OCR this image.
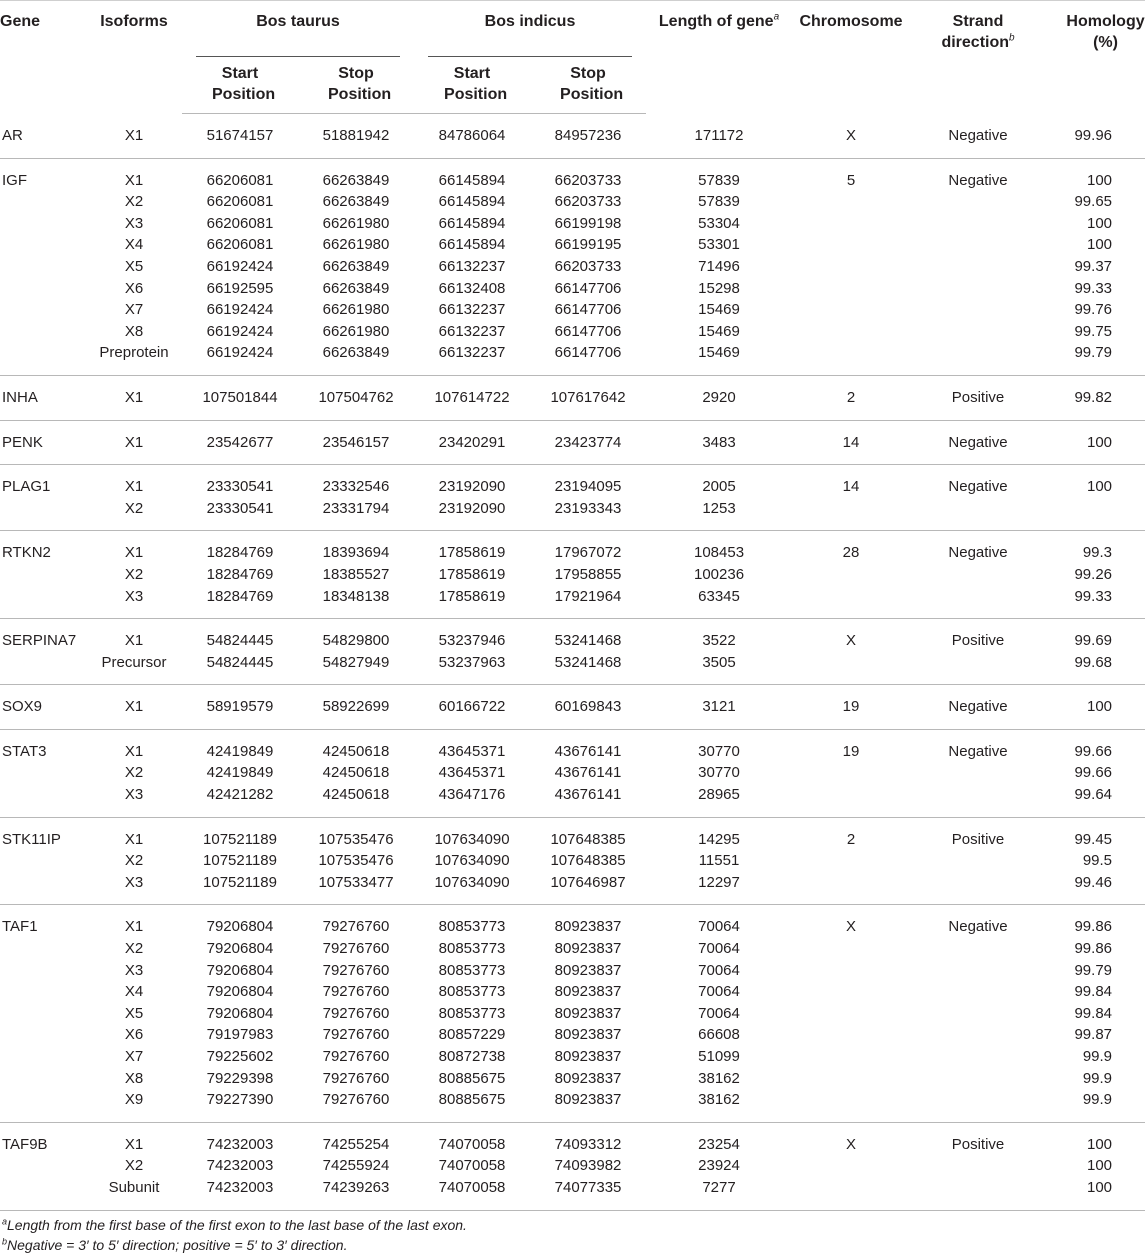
Gene	Isoforms	Bos taurus		Bos indicus		Length of gene$^a$	Chromosome	Strand direction$^b$	Homology (%)
		Start Position	Stop Position	Start Position	Stop Position				
AR	X1	51674157	51881942	84786064	84957236	171172	X	Negative	99.96
IGF	X1	66206081	66263849	66145894	66203733	57839	5	Negative	100
	X2	66206081	66263849	66145894	66203733	57839			99.65
	X3	66206081	66261980	66145894	66199198	53304			100
	X4	66206081	66261980	66145894	66199195	53301			100
	X5	66192424	66263849	66132237	66203733	71496			99.37
	X6	66192595	66263849	66132408	66147706	15298			99.33
	X7	66192424	66261980	66132237	66147706	15469			99.76
	X8	66192424	66261980	66132237	66147706	15469			99.75
	Preprotein	66192424	66263849	66132237	66147706	15469			99.79
INHA	X1	107501844	107504762	107614722	107617642	2920	2	Positive	99.82
PENK	X1	23542677	23546157	23420291	23423774	3483	14	Negative	100
PLAG1	X1	23330541	23332546	23192090	23194095	2005	14	Negative	100
	X2	23330541	23331794	23192090	23193343	1253			
RTKN2	X1	18284769	18393694	17858619	17967072	108453	28	Negative	99.3
	X2	18284769	18385527	17858619	17958855	100236			99.26
	X3	18284769	18348138	17858619	17921964	63345			99.33
SERPINA7	X1	54824445	54829800	53237946	53241468	3522	X	Positive	99.69
	Precursor	54824445	54827949	53237963	53241468	3505			99.68
SOX9	X1	58919579	58922699	60166722	60169843	3121	19	Negative	100
STAT3	X1	42419849	42450618	43645371	43676141	30770	19	Negative	99.66
	X2	42419849	42450618	43645371	43676141	30770			99.66
	X3	42421282	42450618	43647176	43676141	28965			99.64
STK11IP	X1	107521189	107535476	107634090	107648385	14295	2	Positive	99.45
	X2	107521189	107535476	107634090	107648385	11551			99.5
	X3	107521189	107533477	107634090	107646987	12297			99.46
TAF1	X1	79206804	79276760	80853773	80923837	70064	X	Negative	99.86
	X2	79206804	79276760	80853773	80923837	70064			99.86
	X3	79206804	79276760	80853773	80923837	70064			99.79
	X4	79206804	79276760	80853773	80923837	70064			99.84
	X5	79206804	79276760	80853773	80923837	70064			99.84
	X6	79197983	79276760	80857229	80923837	66608			99.87
	X7	79225602	79276760	80872738	80923837	51099			99.9
	X8	79229398	79276760	80885675	80923837	38162			99.9
	X9	79227390	79276760	80885675	80923837	38162			99.9
TAF9B	X1	74232003	74255254	74070058	74093312	23254	X	Positive	100
	X2	74232003	74255924	74070058	74093982	23924			100
	Subunit	74232003	74239263	74070058	74077335	7277			100
$^a$Length from the first base of the first exon to the last base of the last exon.
$^b$Negative = 3′ to 5′ direction; positive = 5′ to 3′ direction.
